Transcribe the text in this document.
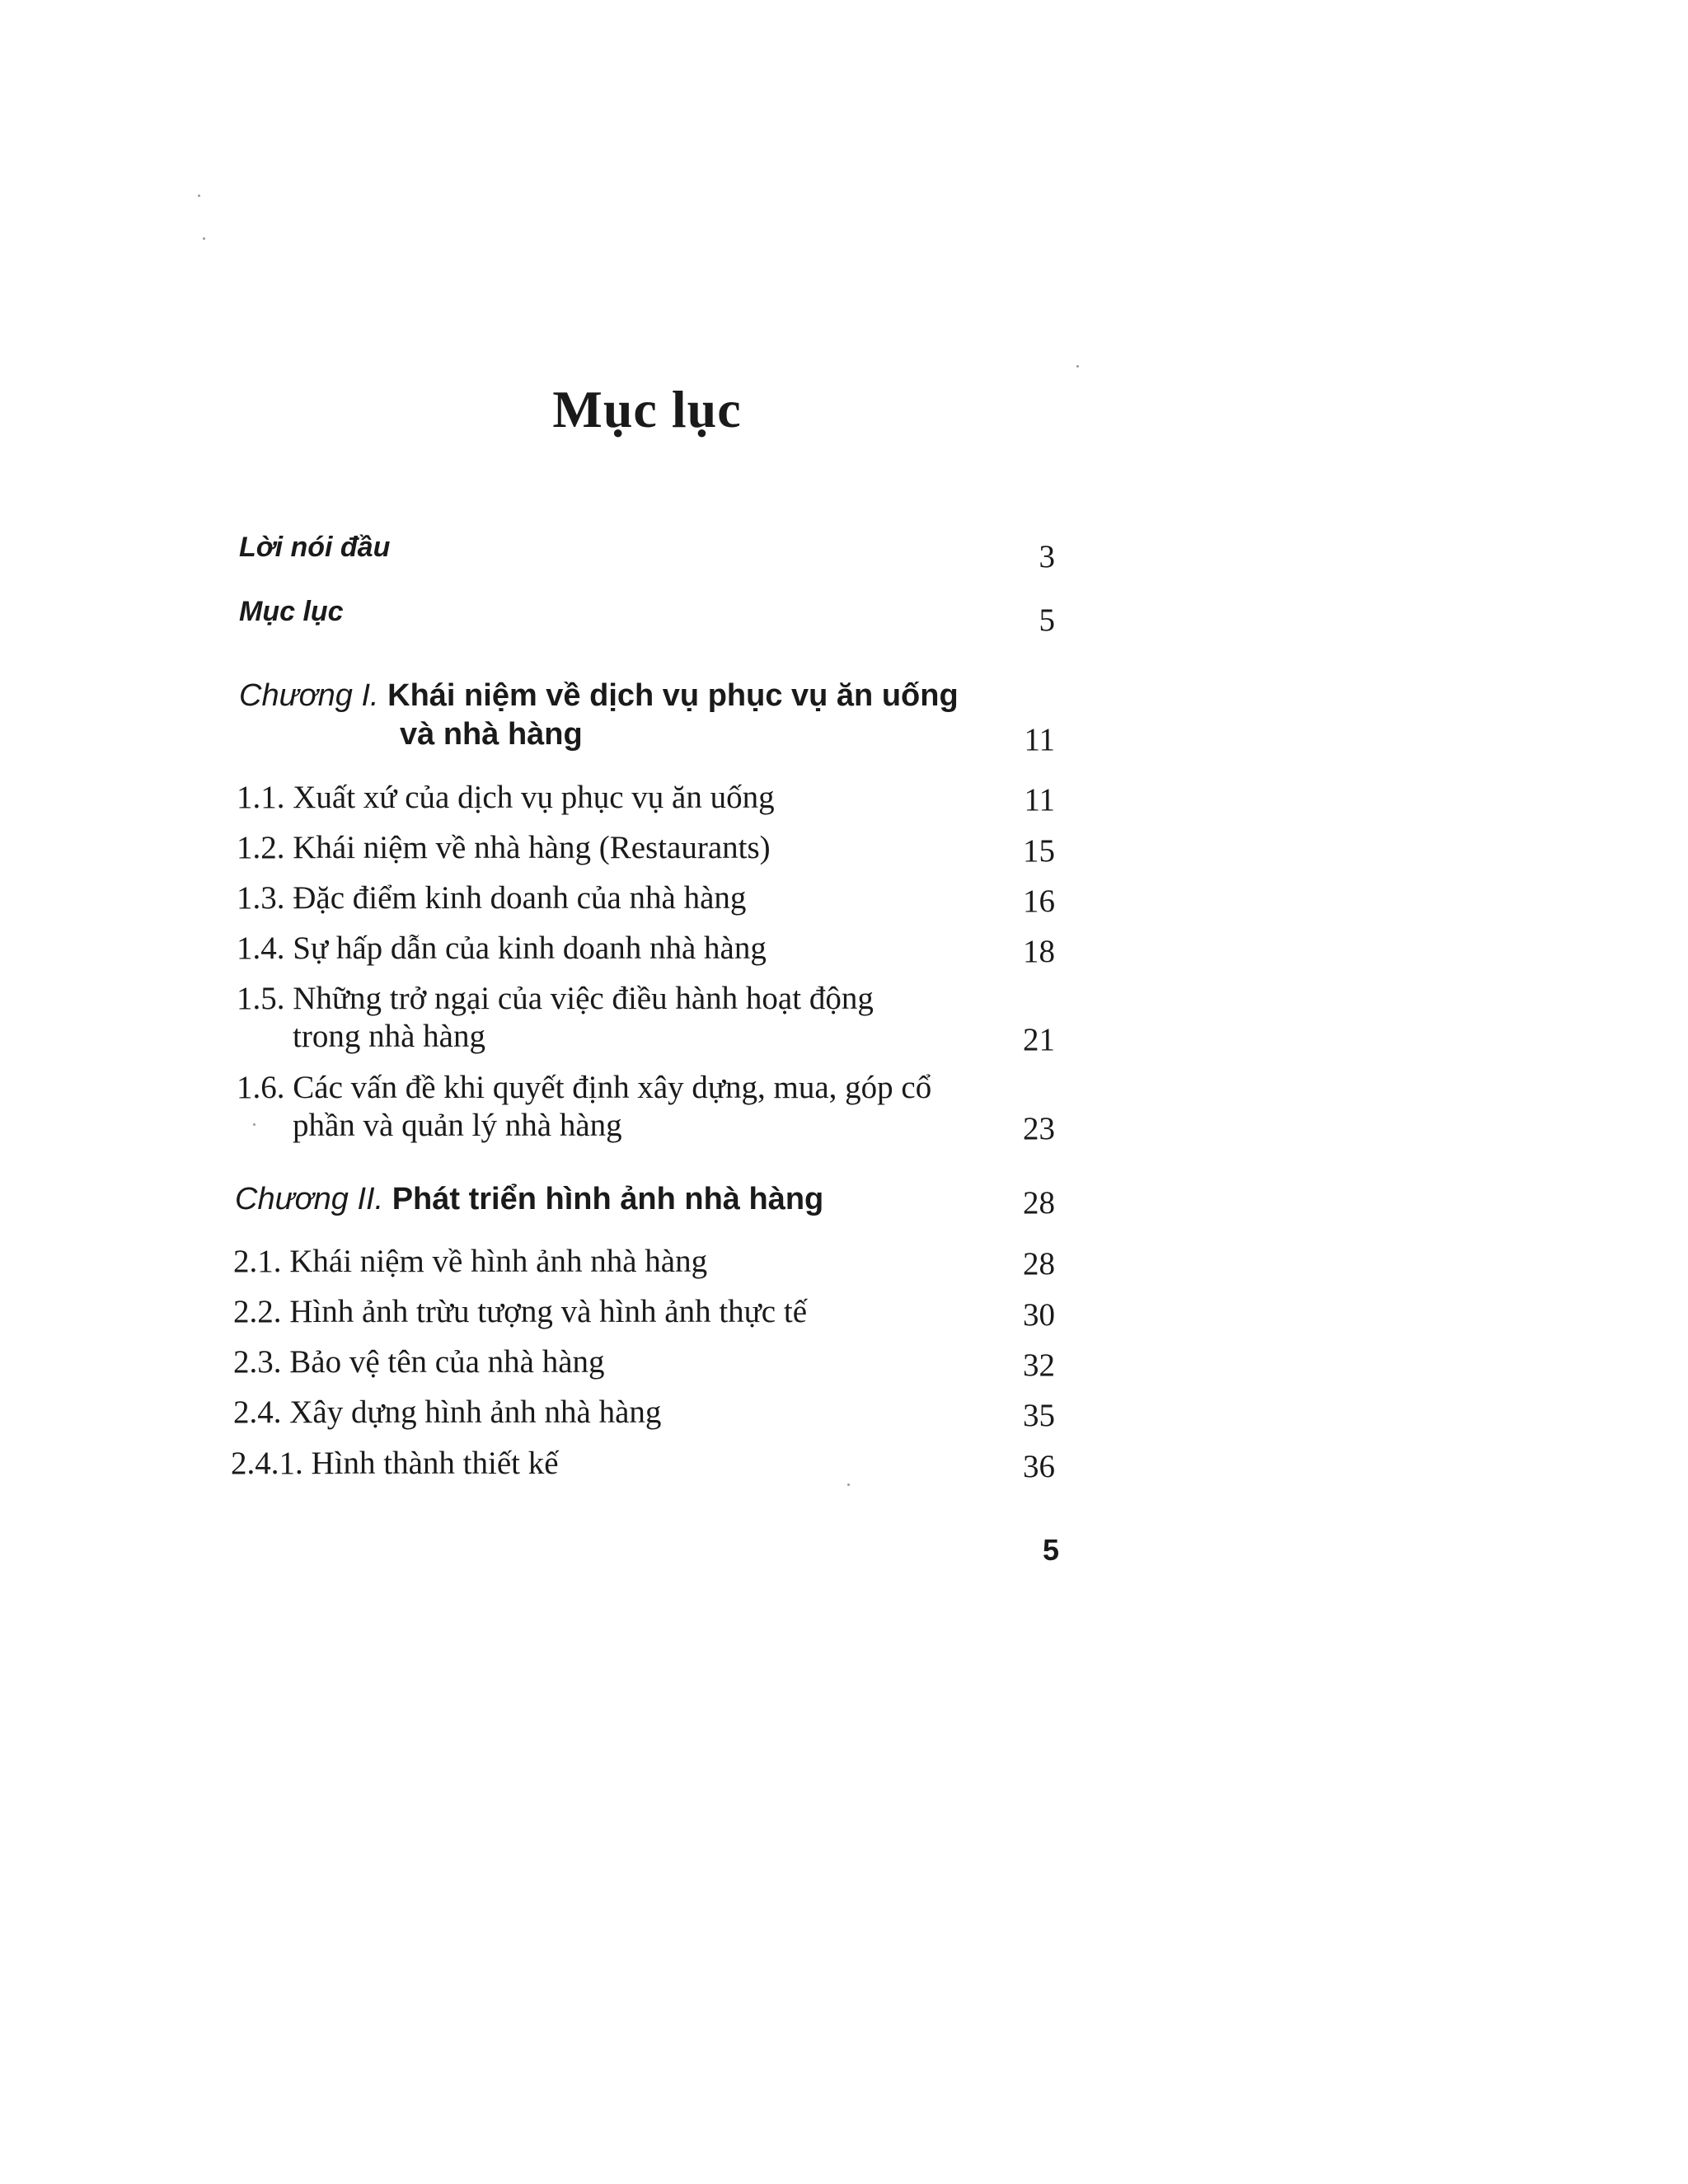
Mục lục
Lời nói đầu	3
Mục lục	5
Chương I. Khái niệm về dịch vụ phục vụ ăn uống
và nhà hàng	11
1.1. Xuất xứ của dịch vụ phục vụ ăn uống	11
1.2. Khái niệm về nhà hàng (Restaurants)	15
1.3. Đặc điểm kinh doanh của nhà hàng	16
1.4. Sự hấp dẫn của kinh doanh nhà hàng	18
1.5. Những trở ngại của việc điều hành hoạt động
trong nhà hàng	21
1.6. Các vấn đề khi quyết định xây dựng, mua, góp cổ
phần và quản lý nhà hàng	23
Chương II. Phát triển hình ảnh nhà hàng	28
2.1. Khái niệm về hình ảnh nhà hàng	28
2.2. Hình ảnh trừu tượng và hình ảnh thực tế	30
2.3. Bảo vệ tên của nhà hàng	32
2.4. Xây dựng hình ảnh nhà hàng	35
2.4.1. Hình thành thiết kế	36
5
